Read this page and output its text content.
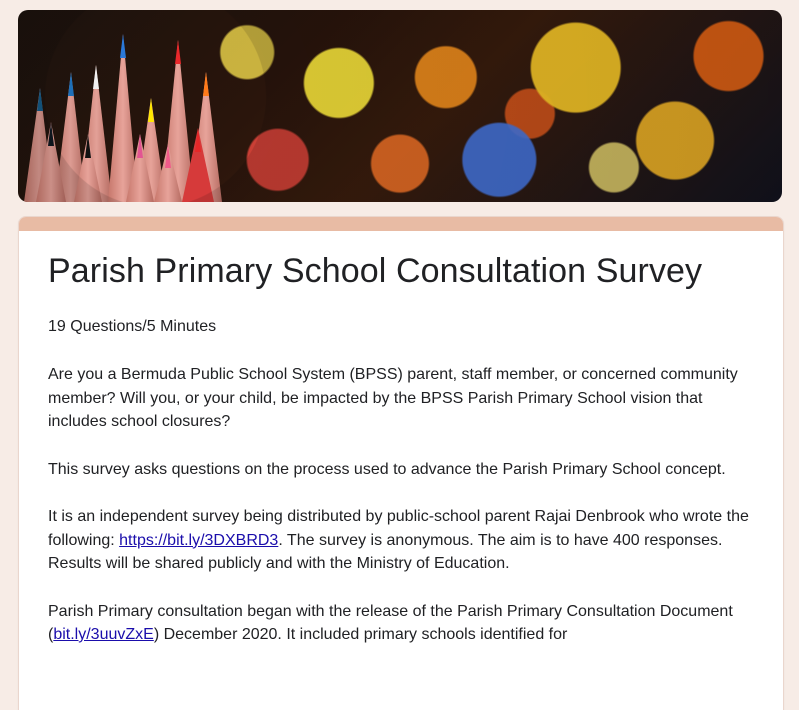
Parish Primary School Consultation Survey
19 Questions/5 Minutes

Are you a Bermuda Public School System (BPSS) parent, staff member, or concerned community member? Will you, or your child, be impacted by the BPSS Parish Primary School vision that includes school closures?

This survey asks questions on the process used to advance the Parish Primary School concept.

It is an independent survey being distributed by public-school parent Rajai Denbrook who wrote the following: https://bit.ly/3DXBRD3. The survey is anonymous. The aim is to have 400 responses. Results will be shared publicly and with the Ministry of Education.

Parish Primary consultation began with the release of the Parish Primary Consultation Document (bit.ly/3uuvZxE) December 2020. It included primary schools identified for
